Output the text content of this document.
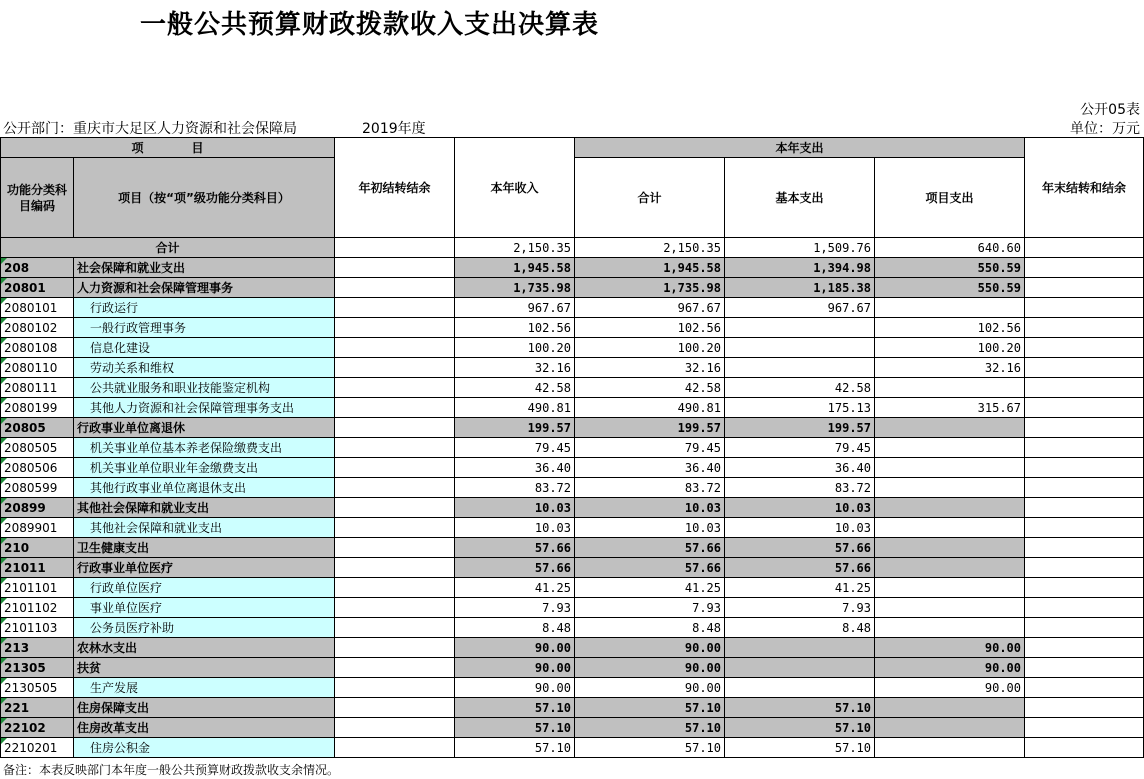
一般公共预算财政拨款收入支出决算表
公开部门：重庆市大足区人力资源和社会保障局	2019年度
公开05表
单位：万元
项　　　　目		年初结转结余	本年收入	本年支出			年末结转和结余
功能分类科目编码	项目（按“项”级功能分类科目）			合计	基本支出	项目支出	

合计			2,150.35	2,150.35	1,509.76	640.60	

208	社会保障和就业支出		1,945.58	1,945.58	1,394.98	550.59	

20801	人力资源和社会保障管理事务		1,735.98	1,735.98	1,185.38	550.59	

2080101	行政运行		967.67	967.67	967.67		

2080102	一般行政管理事务		102.56	102.56		102.56	

2080108	信息化建设		100.20	100.20		100.20	

2080110	劳动关系和维权		32.16	32.16		32.16	

2080111	公共就业服务和职业技能鉴定机构		42.58	42.58	42.58		

2080199	其他人力资源和社会保障管理事务支出		490.81	490.81	175.13	315.67	

20805	行政事业单位离退休		199.57	199.57	199.57		

2080505	机关事业单位基本养老保险缴费支出		79.45	79.45	79.45		

2080506	机关事业单位职业年金缴费支出		36.40	36.40	36.40		

2080599	其他行政事业单位离退休支出		83.72	83.72	83.72		

20899	其他社会保障和就业支出		10.03	10.03	10.03		

2089901	其他社会保障和就业支出		10.03	10.03	10.03		

210	卫生健康支出		57.66	57.66	57.66		

21011	行政事业单位医疗		57.66	57.66	57.66		

2101101	行政单位医疗		41.25	41.25	41.25		

2101102	事业单位医疗		7.93	7.93	7.93		

2101103	公务员医疗补助		8.48	8.48	8.48		

213	农林水支出		90.00	90.00		90.00	

21305	扶贫		90.00	90.00		90.00	

2130505	生产发展		90.00	90.00		90.00	

221	住房保障支出		57.10	57.10	57.10		

22102	住房改革支出		57.10	57.10	57.10		

2210201	住房公积金		57.10	57.10	57.10		
备注：本表反映部门本年度一般公共预算财政拨款收支余情况。
